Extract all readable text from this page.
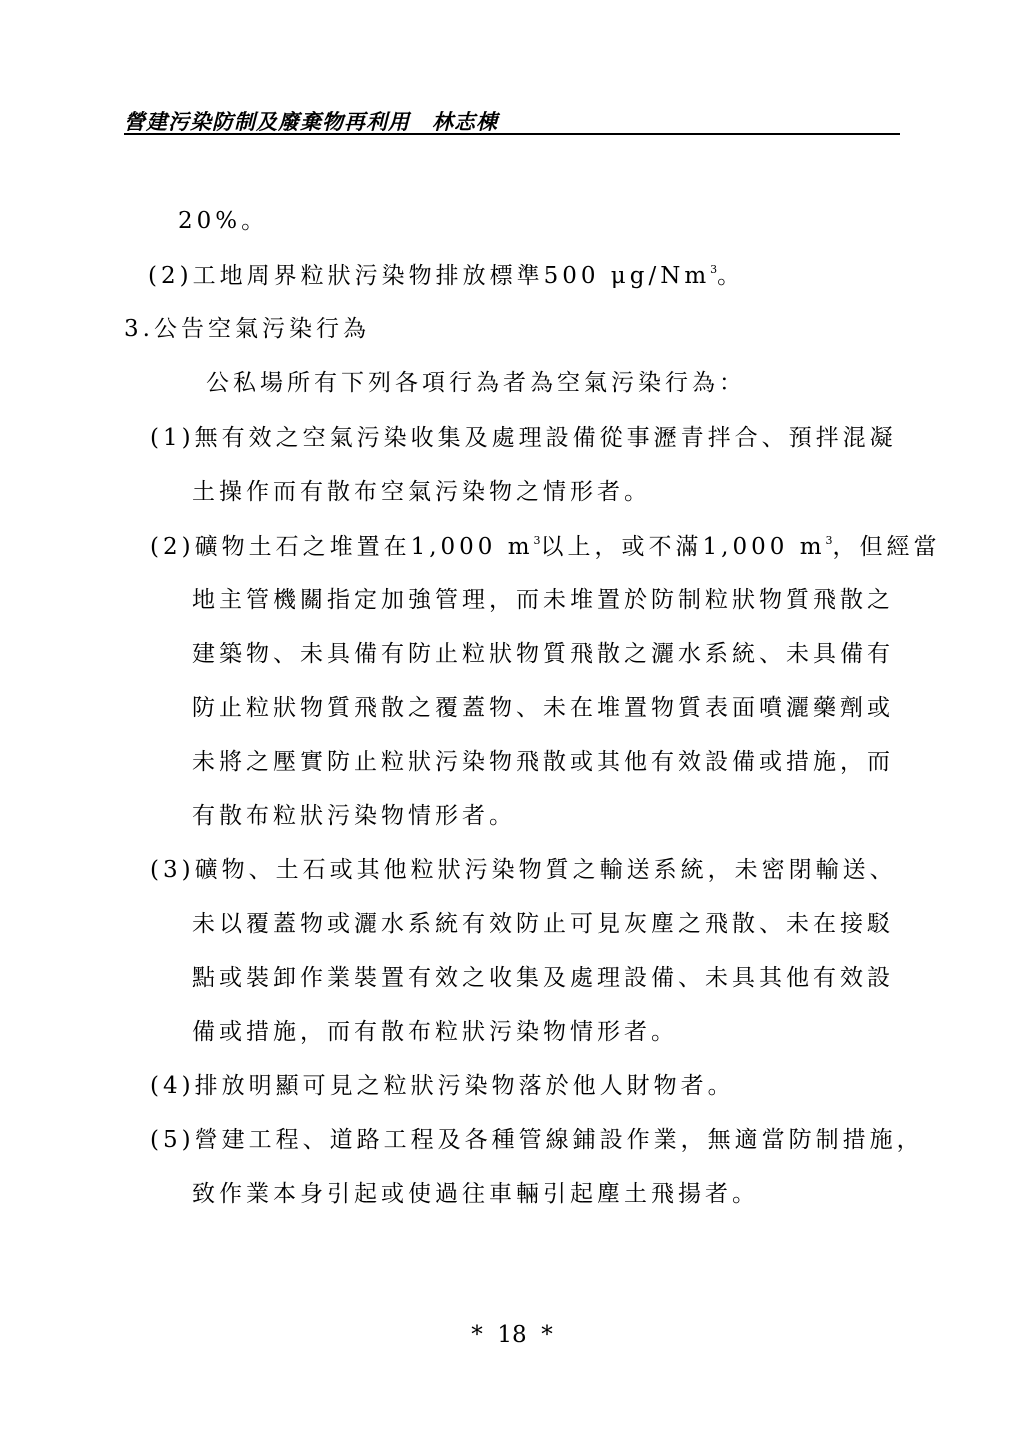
營建污染防制及廢棄物再利用 林志棟
20%。
(2)工地周界粒狀污染物排放標準500 μg/Nm$^3$。
3.公告空氣污染行為
公私場所有下列各項行為者為空氣污染行為：
(1)無有效之空氣污染收集及處理設備從事瀝青拌合、預拌混凝
土操作而有散布空氣污染物之情形者。
(2)礦物土石之堆置在1,000 $m^3$以上，或不滿1,000 $m^3$，但經當
地主管機關指定加強管理，而未堆置於防制粒狀物質飛散之
建築物、未具備有防止粒狀物質飛散之灑水系統、未具備有
防止粒狀物質飛散之覆蓋物、未在堆置物質表面噴灑藥劑或
未將之壓實防止粒狀污染物飛散或其他有效設備或措施，而
有散布粒狀污染物情形者。
(3)礦物、土石或其他粒狀污染物質之輸送系統，未密閉輸送、
未以覆蓋物或灑水系統有效防止可見灰塵之飛散、未在接駁
點或裝卸作業裝置有效之收集及處理設備、未具其他有效設
備或措施，而有散布粒狀污染物情形者。
(4)排放明顯可見之粒狀污染物落於他人財物者。
(5)營建工程、道路工程及各種管線鋪設作業，無適當防制措施，
致作業本身引起或使過往車輛引起塵土飛揚者。
*  18  *
